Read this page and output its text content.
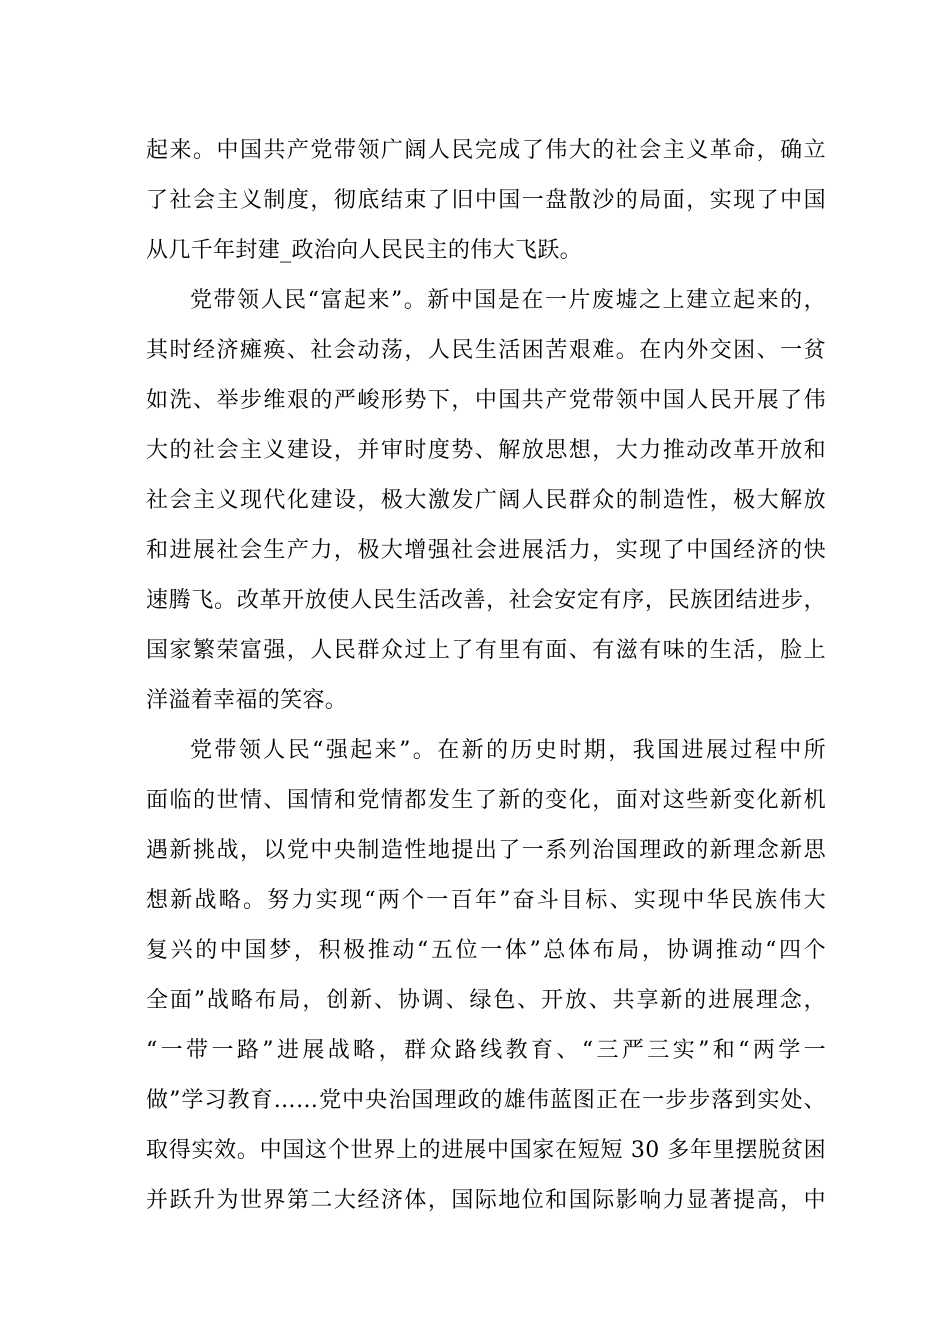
起来。中国共产党带领广阔人民完成了伟大的社会主义革命，确立
了社会主义制度，彻底结束了旧中国一盘散沙的局面，实现了中国
从几千年封建_政治向人民民主的伟大飞跃。
党带领人民“富起来”。新中国是在一片废墟之上建立起来的，
其时经济瘫痪、社会动荡，人民生活困苦艰难。在内外交困、一贫
如洗、举步维艰的严峻形势下，中国共产党带领中国人民开展了伟
大的社会主义建设，并审时度势、解放思想，大力推动改革开放和
社会主义现代化建设，极大激发广阔人民群众的制造性，极大解放
和进展社会生产力，极大增强社会进展活力，实现了中国经济的快
速腾飞。改革开放使人民生活改善，社会安定有序，民族团结进步，
国家繁荣富强，人民群众过上了有里有面、有滋有味的生活，脸上
洋溢着幸福的笑容。
党带领人民“强起来”。在新的历史时期，我国进展过程中所
面临的世情、国情和党情都发生了新的变化，面对这些新变化新机
遇新挑战，以党中央制造性地提出了一系列治国理政的新理念新思
想新战略。努力实现“两个一百年”奋斗目标、实现中华民族伟大
复兴的中国梦，积极推动“五位一体”总体布局，协调推动“四个
全面”战略布局，创新、协调、绿色、开放、共享新的进展理念，
“一带一路”进展战略，群众路线教育、“三严三实”和“两学一
做”学习教育……党中央治国理政的雄伟蓝图正在一步步落到实处、
取得实效。中国这个世界上的进展中国家在短短 30 多年里摆脱贫困
并跃升为世界第二大经济体，国际地位和国际影响力显著提高，中
